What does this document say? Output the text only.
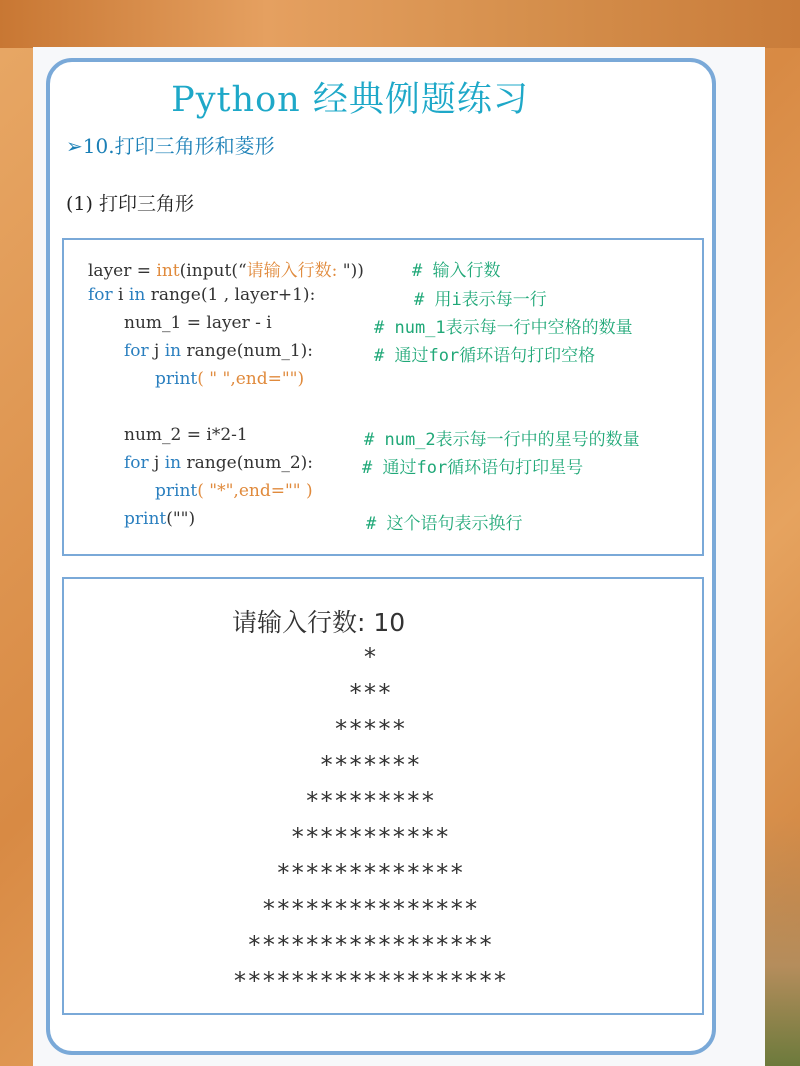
Python 经典例题练习
➢10.打印三角形和菱形
(1) 打印三角形
layer = int(input(“请输入行数: "))	# 输入行数
for i in range(1 , layer+1):	# 用i表示每一行
num_1 = layer - i	# num_1表示每一行中空格的数量
for j in range(num_1):	# 通过for循环语句打印空格
print( " ",end="")
num_2 = i*2-1	# num_2表示每一行中的星号的数量
for j in range(num_2):	# 通过for循环语句打印星号
print( "*",end="" )
print("")	# 这个语句表示换行
请输入行数: 10
*
***
*****
*******
*********
***********
*************
***************
*****************
*******************
